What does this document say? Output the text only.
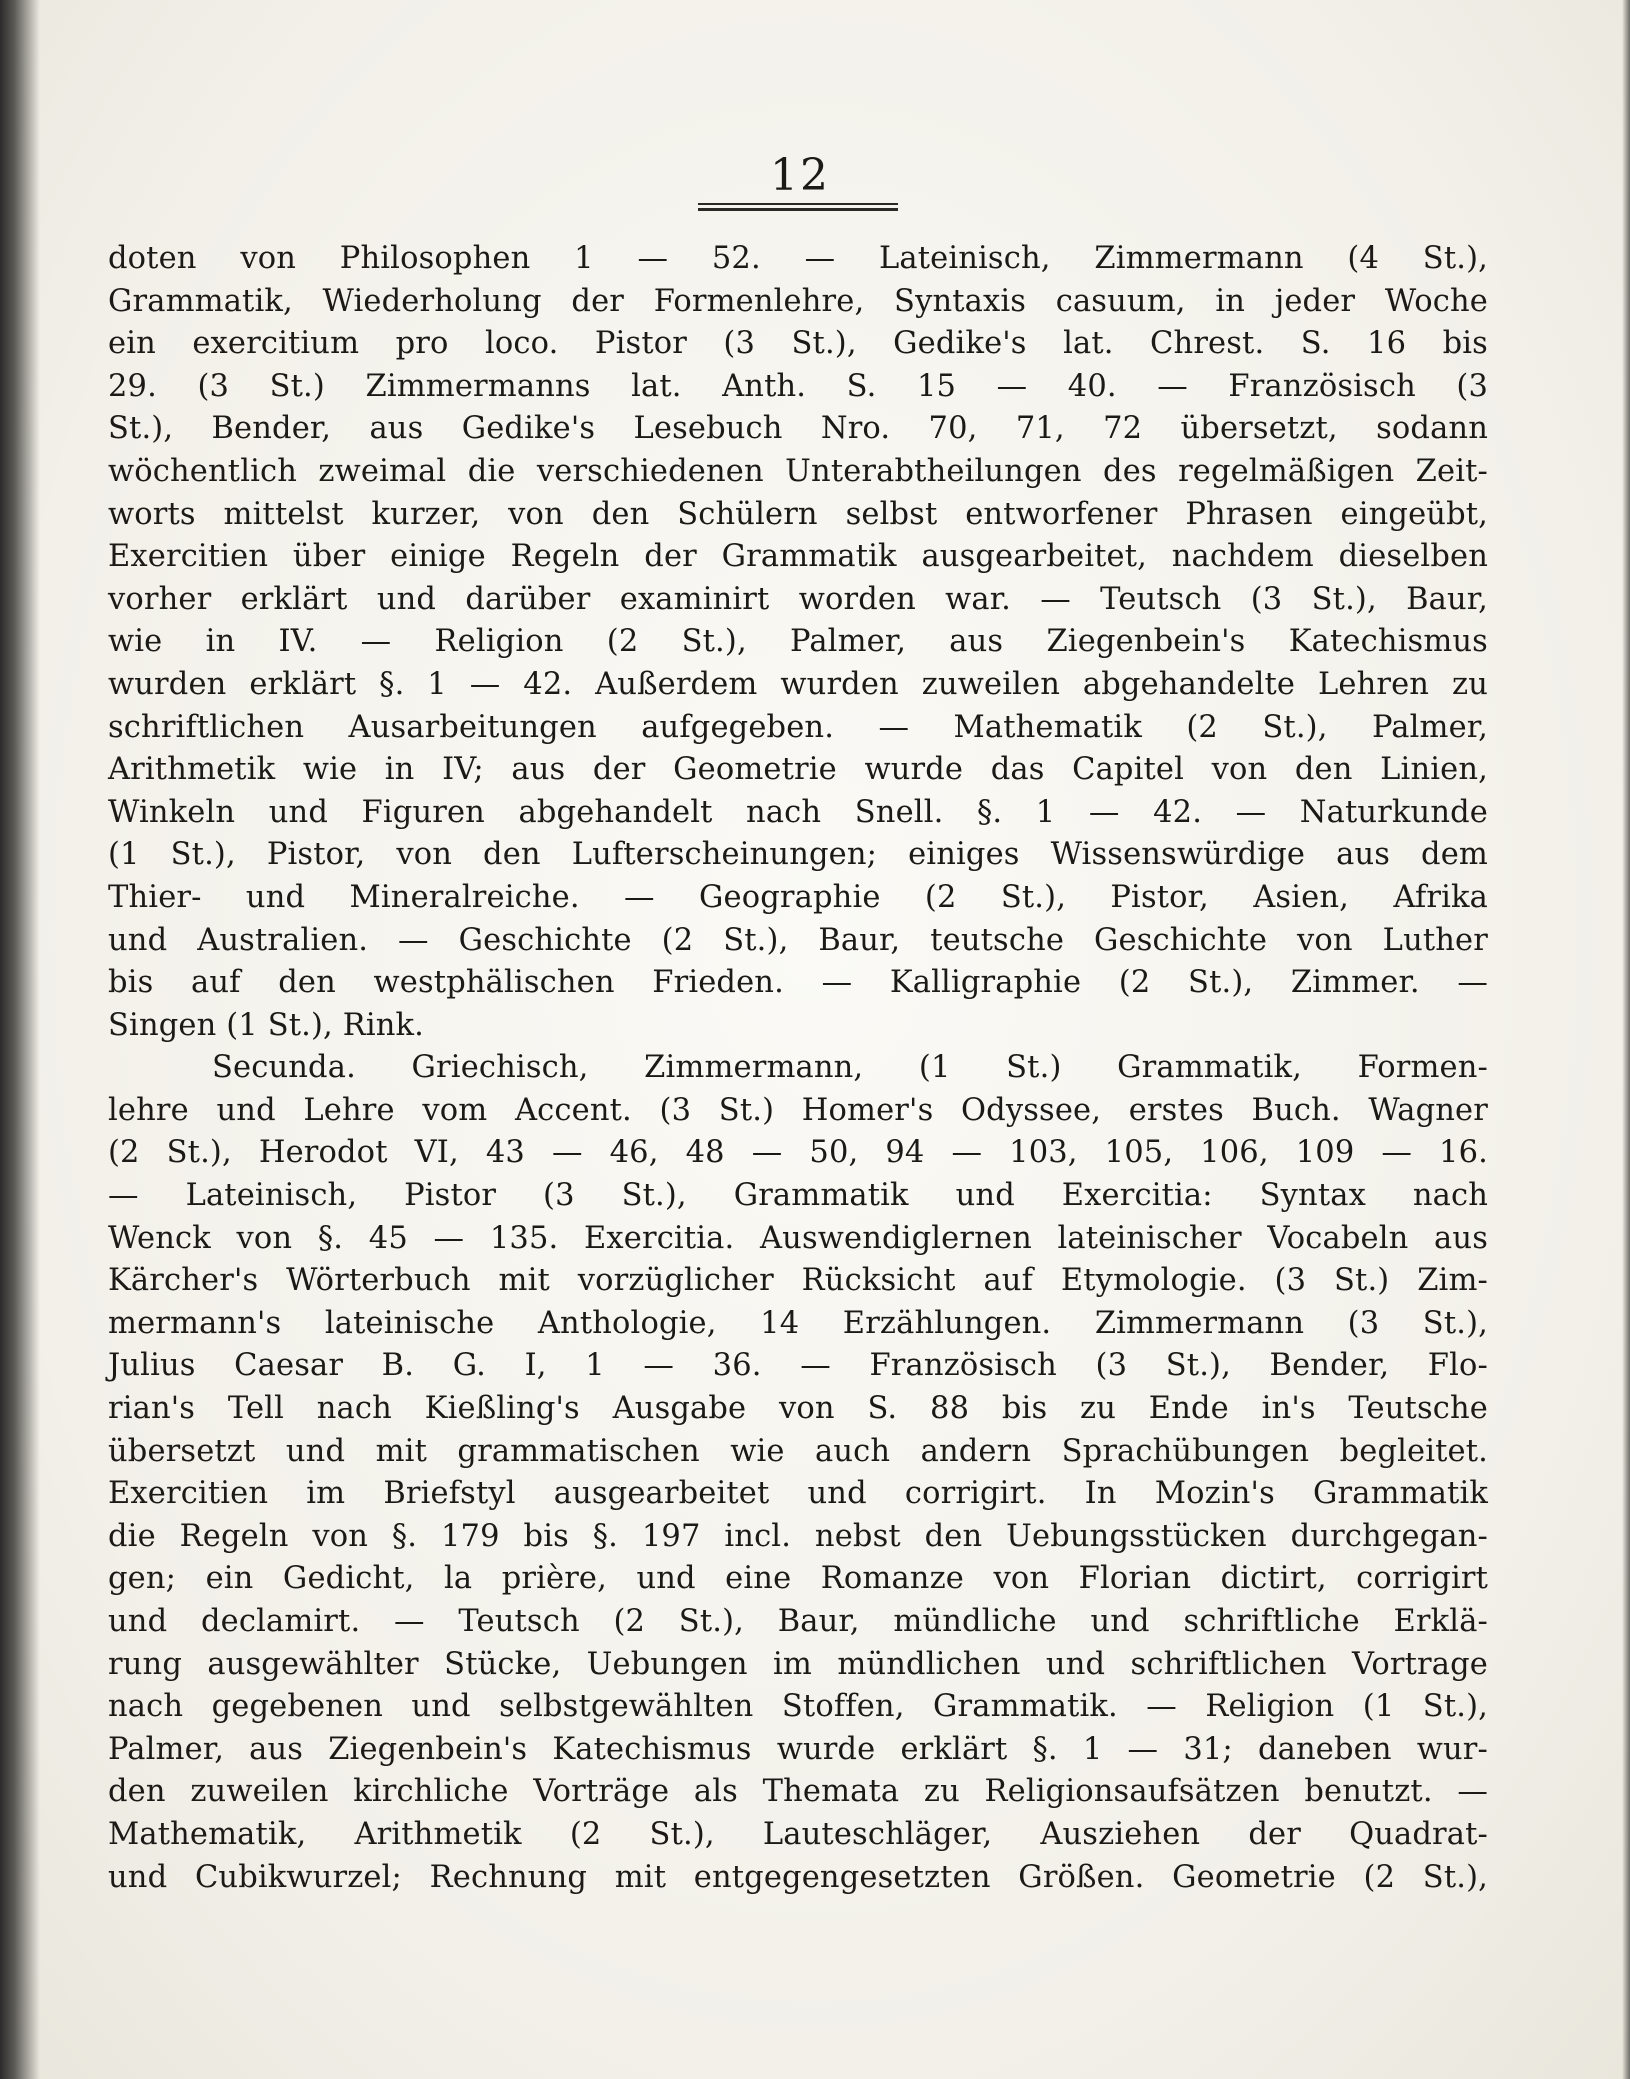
12
doten von Philosophen 1 — 52. — Lateinisch, Zimmermann (4 St.),
Grammatik, Wiederholung der Formenlehre, Syntaxis casuum, in jeder Woche
ein exercitium pro loco. Pistor (3 St.), Gedike's lat. Chrest. S. 16 bis
29. (3 St.) Zimmermanns lat. Anth. S. 15 — 40. — Französisch (3
St.), Bender, aus Gedike's Lesebuch Nro. 70, 71, 72 übersetzt, sodann
wöchentlich zweimal die verschiedenen Unterabtheilungen des regelmäßigen Zeit-
worts mittelst kurzer, von den Schülern selbst entworfener Phrasen eingeübt,
Exercitien über einige Regeln der Grammatik ausgearbeitet, nachdem dieselben
vorher erklärt und darüber examinirt worden war. — Teutsch (3 St.), Baur,
wie in IV. — Religion (2 St.), Palmer, aus Ziegenbein's Katechismus
wurden erklärt §. 1 — 42. Außerdem wurden zuweilen abgehandelte Lehren zu
schriftlichen Ausarbeitungen aufgegeben. — Mathematik (2 St.), Palmer,
Arithmetik wie in IV; aus der Geometrie wurde das Capitel von den Linien,
Winkeln und Figuren abgehandelt nach Snell. §. 1 — 42. — Naturkunde
(1 St.), Pistor, von den Lufterscheinungen; einiges Wissenswürdige aus dem
Thier- und Mineralreiche. — Geographie (2 St.), Pistor, Asien, Afrika
und Australien. — Geschichte (2 St.), Baur, teutsche Geschichte von Luther
bis auf den westphälischen Frieden. — Kalligraphie (2 St.), Zimmer. —
Singen (1 St.), Rink.
Secunda. Griechisch, Zimmermann, (1 St.) Grammatik, Formen-
lehre und Lehre vom Accent. (3 St.) Homer's Odyssee, erstes Buch. Wagner
(2 St.), Herodot VI, 43 — 46, 48 — 50, 94 — 103, 105, 106, 109 — 16.
— Lateinisch, Pistor (3 St.), Grammatik und Exercitia: Syntax nach
Wenck von §. 45 — 135. Exercitia. Auswendiglernen lateinischer Vocabeln aus
Kärcher's Wörterbuch mit vorzüglicher Rücksicht auf Etymologie. (3 St.) Zim-
mermann's lateinische Anthologie, 14 Erzählungen. Zimmermann (3 St.),
Julius Caesar B. G. I, 1 — 36. — Französisch (3 St.), Bender, Flo-
rian's Tell nach Kießling's Ausgabe von S. 88 bis zu Ende in's Teutsche
übersetzt und mit grammatischen wie auch andern Sprachübungen begleitet.
Exercitien im Briefstyl ausgearbeitet und corrigirt. In Mozin's Grammatik
die Regeln von §. 179 bis §. 197 incl. nebst den Uebungsstücken durchgegan-
gen; ein Gedicht, la prière, und eine Romanze von Florian dictirt, corrigirt
und declamirt. — Teutsch (2 St.), Baur, mündliche und schriftliche Erklä-
rung ausgewählter Stücke, Uebungen im mündlichen und schriftlichen Vortrage
nach gegebenen und selbstgewählten Stoffen, Grammatik. — Religion (1 St.),
Palmer, aus Ziegenbein's Katechismus wurde erklärt §. 1 — 31; daneben wur-
den zuweilen kirchliche Vorträge als Themata zu Religionsaufsätzen benutzt. —
Mathematik, Arithmetik (2 St.), Lauteschläger, Ausziehen der Quadrat-
und Cubikwurzel; Rechnung mit entgegengesetzten Größen. Geometrie (2 St.),
